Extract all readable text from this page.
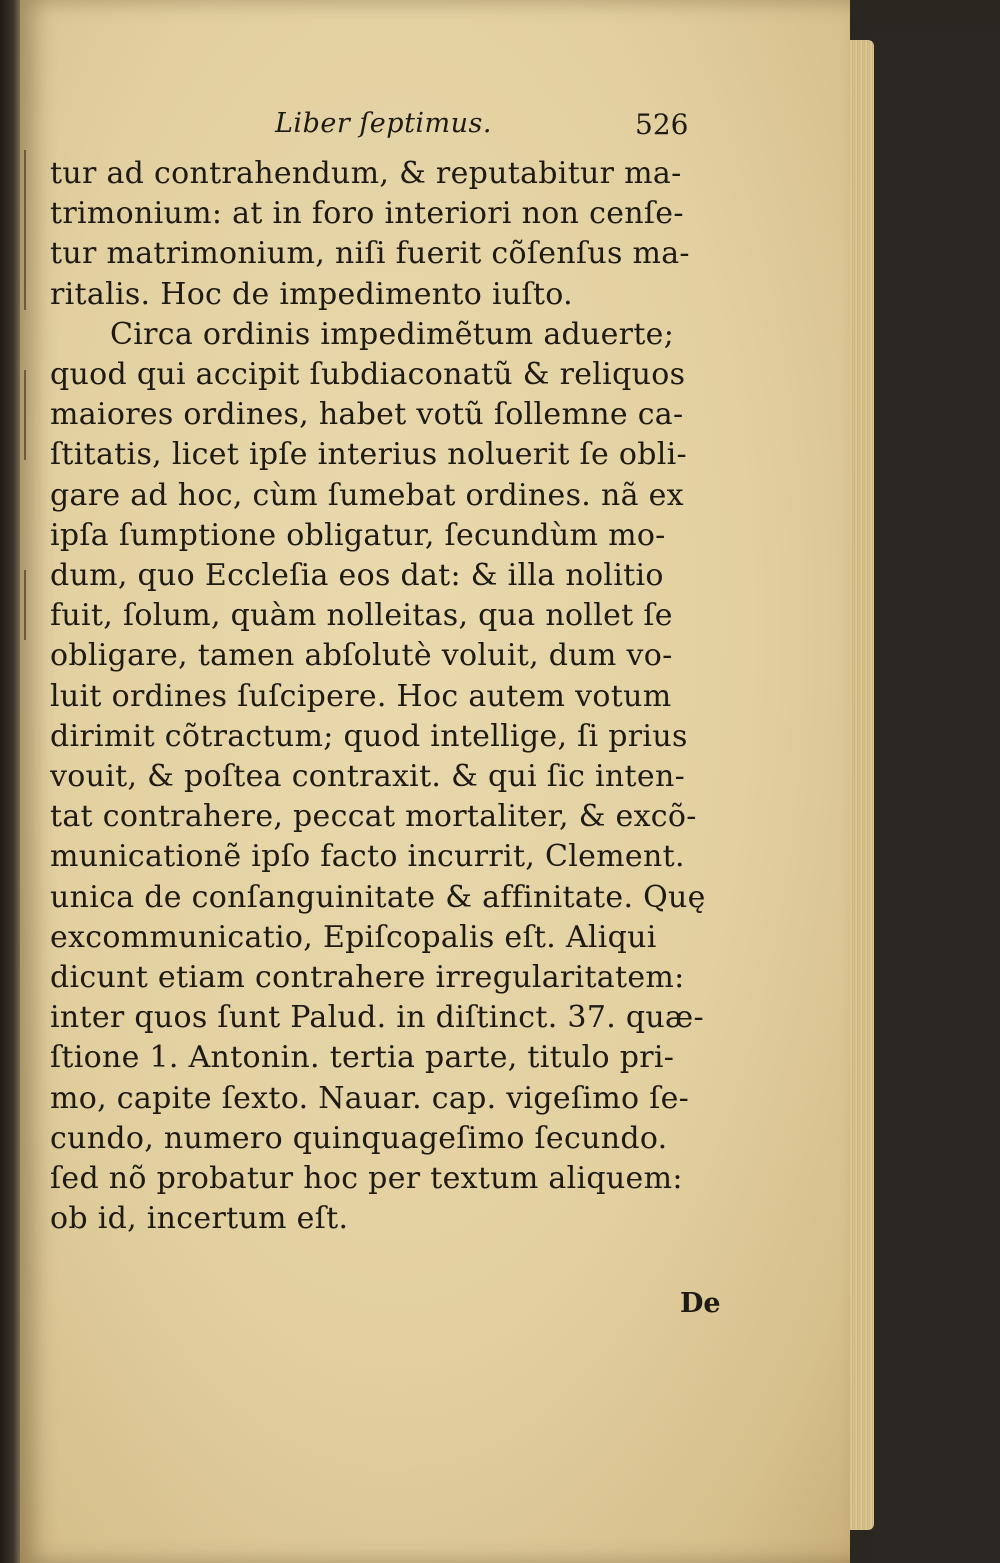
Liber ſeptimus.	526
tur ad contrahendum, & reputabitur ma-
trimonium: at in foro interiori non cenſe-
tur matrimonium, niſi fuerit cõſenſus ma-
ritalis. Hoc de impedimento iuſto.
Circa ordinis impedimẽtum aduerte;
quod qui accipit ſubdiaconatũ & reliquos
maiores ordines, habet votũ ſollemne ca-
ſtitatis, licet ipſe interius noluerit ſe obli-
gare ad hoc, cùm ſumebat ordines. nã ex
ipſa ſumptione obligatur, ſecundùm mo-
dum, quo Eccleſia eos dat: & illa nolitio
fuit, ſolum, quàm nolleitas, qua nollet ſe
obligare, tamen abſolutè voluit, dum vo-
luit ordines ſuſcipere. Hoc autem votum
dirimit cõtractum; quod intellige, ſi prius
vouit, & poſtea contraxit. & qui ſic inten-
tat contrahere, peccat mortaliter, & excõ-
municationẽ ipſo facto incurrit, Clement.
unica de conſanguinitate & affinitate. Quę
excommunicatio, Epiſcopalis eſt. Aliqui
dicunt etiam contrahere irregularitatem:
inter quos ſunt Palud. in diſtinct. 37. quæ-
ſtione 1. Antonin. tertia parte, titulo pri-
mo, capite ſexto. Nauar. cap. vigeſimo ſe-
cundo, numero quinquageſimo ſecundo.
ſed nõ probatur hoc per textum aliquem:
ob id, incertum eſt.
De
